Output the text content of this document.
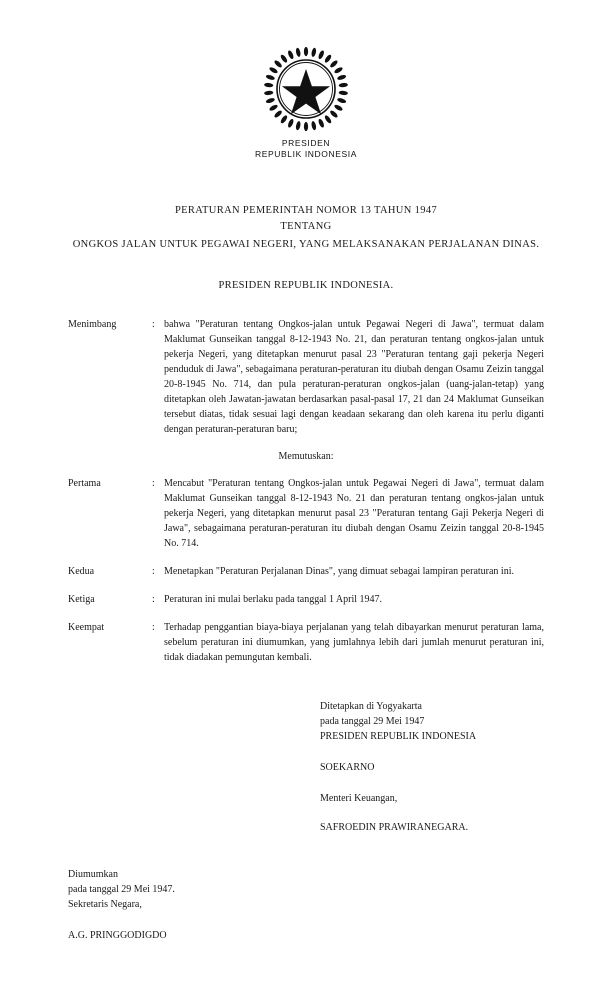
PRESIDEN
REPUBLIK INDONESIA
PERATURAN PEMERINTAH NOMOR 13 TAHUN 1947
TENTANG
ONGKOS JALAN UNTUK PEGAWAI NEGERI, YANG MELAKSANAKAN PERJALANAN DINAS.
PRESIDEN REPUBLIK INDONESIA.
Menimbang	: bahwa "Peraturan tentang Ongkos-jalan untuk Pegawai Negeri di Jawa", termuat dalam Maklumat Gunseikan tanggal 8-12-1943 No. 21, dan peraturan tentang ongkos-jalan untuk pekerja Negeri, yang ditetapkan menurut pasal 23 "Peraturan tentang gaji pekerja Negeri penduduk di Jawa", sebagaimana peraturan-peraturan itu diubah dengan Osamu Zeizin tanggal 20-8-1945 No. 714, dan pula peraturan-peraturan ongkos-jalan (uang-jalan-tetap) yang ditetapkan oleh Jawatan-jawatan berdasarkan pasal-pasal 17, 21 dan 24 Maklumat Gunseikan tersebut diatas, tidak sesuai lagi dengan keadaan sekarang dan oleh karena itu perlu diganti dengan peraturan-peraturan baru;
Memutuskan:
Pertama	: Mencabut "Peraturan tentang Ongkos-jalan untuk Pegawai Negeri di Jawa", termuat dalam Maklumat Gunseikan tanggal 8-12-1943 No. 21 dan peraturan tentang ongkos-jalan untuk pekerja Negeri, yang ditetapkan menurut pasal 23 "Peraturan tentang Gaji Pekerja Negeri di Jawa", sebagaimana peraturan-peraturan itu diubah dengan Osamu Zeizin tanggal 20-8-1945 No. 714.
Kedua	: Menetapkan "Peraturan Perjalanan Dinas", yang dimuat sebagai lampiran peraturan ini.
Ketiga	: Peraturan ini mulai berlaku pada tanggal 1 April 1947.
Keempat	: Terhadap penggantian biaya-biaya perjalanan yang telah dibayarkan menurut peraturan lama, sebelum peraturan ini diumumkan, yang jumlahnya lebih dari jumlah menurut peraturan ini, tidak diadakan pemungutan kembali.
Ditetapkan di Yogyakarta
pada tanggal 29 Mei 1947
PRESIDEN REPUBLIK INDONESIA
SOEKARNO
Menteri Keuangan,
SAFROEDIN PRAWIRANEGARA.
Diumumkan
pada tanggal 29 Mei 1947.
Sekretaris Negara,
A.G. PRINGGODIGDO
